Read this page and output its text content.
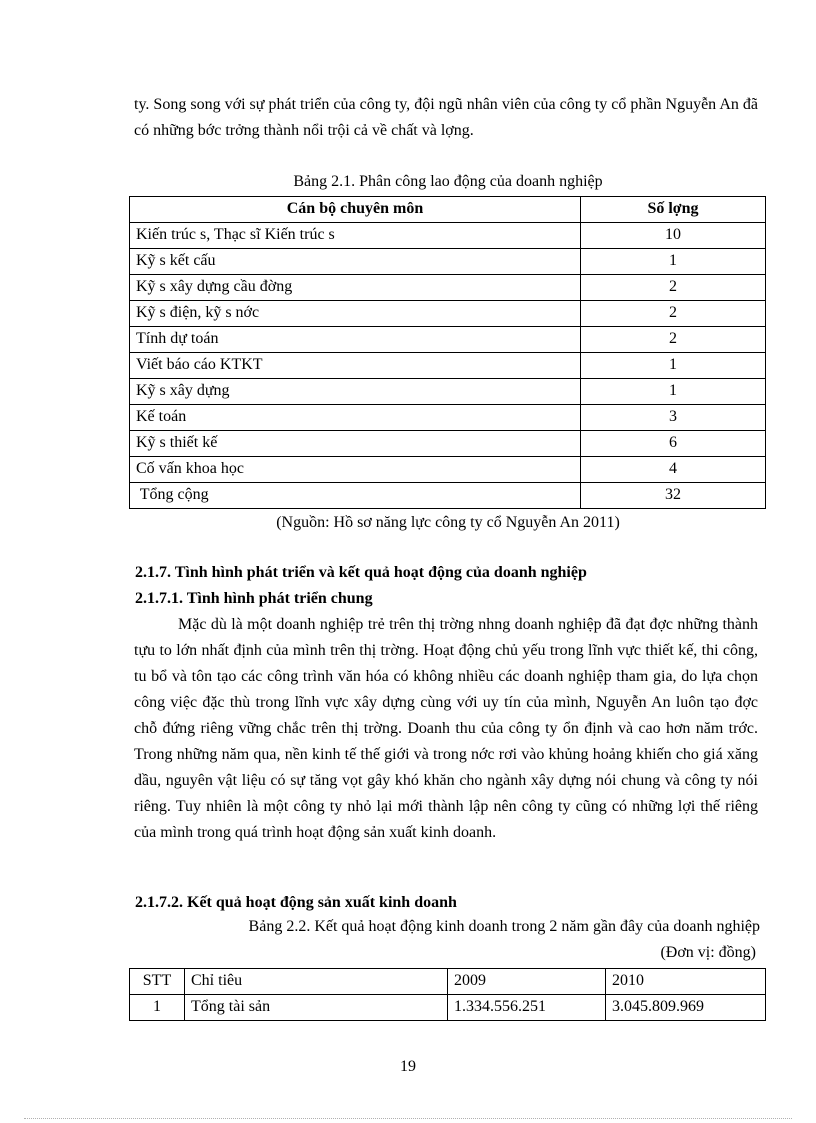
ty. Song song với sự phát triển của công ty, đội ngũ nhân viên của công ty cổ phần Nguyễn An đã có những bớc trởng thành nổi trội cả về chất và lợng.

Bảng 2.1. Phân công lao động của doanh nghiệp

Cán bộ chuyên môn	Số lợng
Kiến trúc s, Thạc sĩ Kiến trúc s	10
Kỹ s kết cấu	1
Kỹ s xây dựng cầu đờng	2
Kỹ s điện, kỹ s nớc	2
Tính dự toán	2
Viết báo cáo KTKT	1
Kỹ s xây dựng	1
Kế toán	3
Kỹ s thiết kế	6
Cố vấn khoa học	4
Tổng cộng	32

(Nguồn: Hồ sơ năng lực công ty cổ Nguyễn An 2011)

2.1.7. Tình hình phát triển và kết quả hoạt động của doanh nghiệp

2.1.7.1. Tình hình phát triển chung

Mặc dù là một doanh nghiệp trẻ trên thị trờng nhng doanh nghiệp đã đạt đợc những thành tựu to lớn nhất định của mình trên thị trờng. Hoạt động chủ yếu trong lĩnh vực thiết kế, thi công, tu bổ và tôn tạo các công trình văn hóa có không nhiều các doanh nghiệp tham gia, do lựa chọn công việc đặc thù trong lĩnh vực xây dựng cùng với uy tín của mình, Nguyễn An luôn tạo đợc chỗ đứng riêng vững chắc trên thị trờng. Doanh thu của công ty ổn định và cao hơn năm trớc. Trong những năm qua, nền kinh tế thế giới và trong nớc rơi vào khủng hoảng khiến cho giá xăng dầu, nguyên vật liệu có sự tăng vọt gây khó khăn cho ngành xây dựng nói chung và công ty nói riêng. Tuy nhiên là một công ty nhỏ lại mới thành lập nên công ty cũng có những lợi thế riêng của mình trong quá trình hoạt động sản xuất kinh doanh.

2.1.7.2. Kết quả hoạt động sản xuất kinh doanh

Bảng 2.2. Kết quả hoạt động kinh doanh trong 2 năm gần đây của doanh nghiệp

(Đơn vị: đồng)

STT	Chỉ tiêu	2009	2010
1	Tổng tài sản	1.334.556.251	3.045.809.969

19
